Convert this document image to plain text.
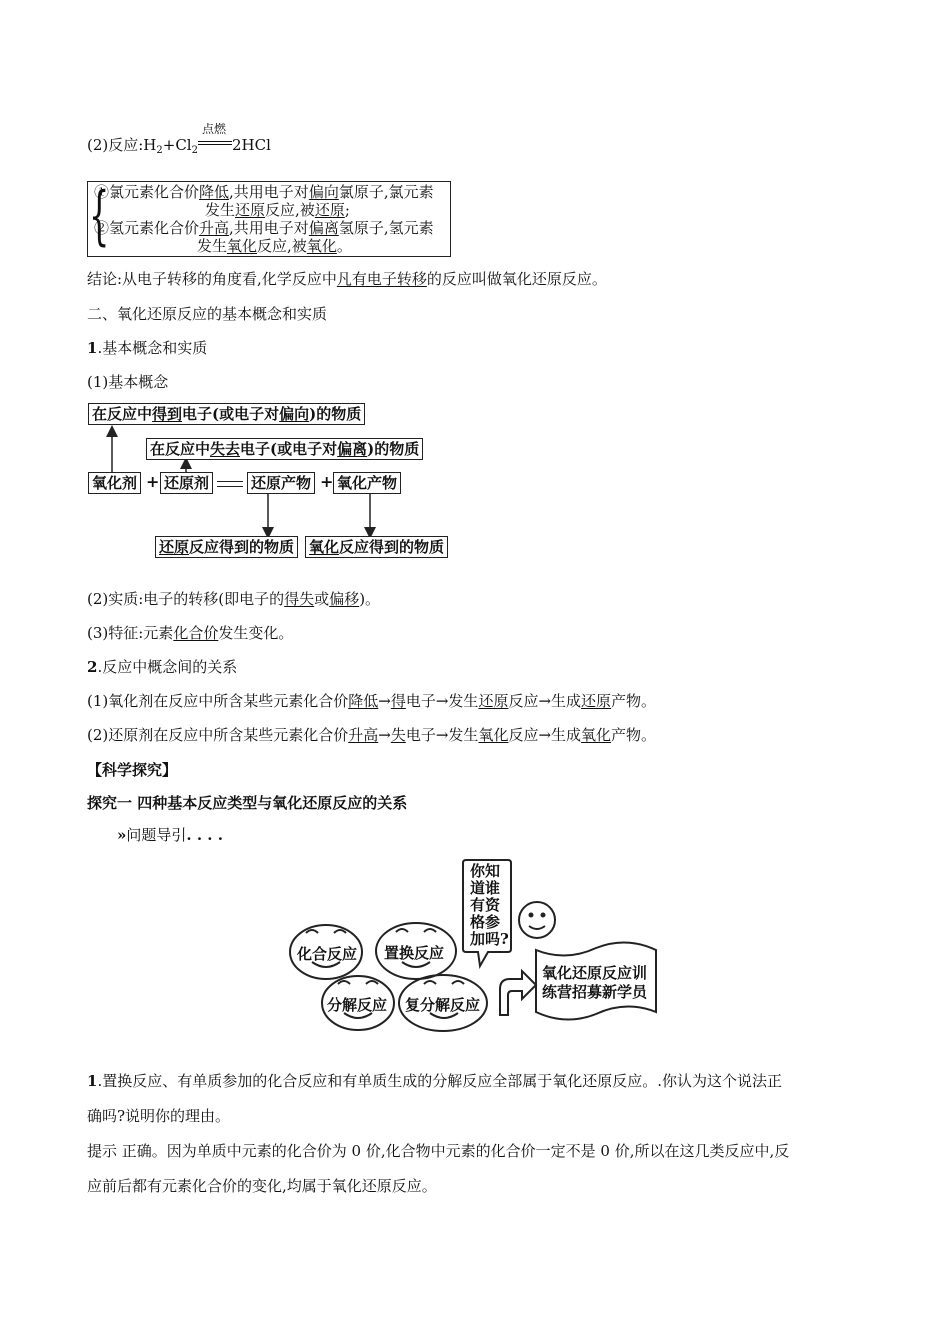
(2)反应$:H_2+Cl_2$
点燃
2HCl
{
①氯元素化合价降低,共用电子对偏向氯原子,氯元素
发生还原反应,被还原;
②氢元素化合价升高,共用电子对偏离氢原子,氢元素
发生氧化反应,被氧化。
结论:从电子转移的角度看,化学反应中凡有电子转移的反应叫做氧化还原反应。
二、氧化还原反应的基本概念和实质
1.基本概念和实质
(1)基本概念
在反应中得到电子(或电子对偏向)的物质
在反应中失去电子(或电子对偏离)的物质
氧化剂 + 还原剂	还原产物 + 氧化产物
还原反应得到的物质 氧化反应得到的物质
(2)实质:电子的转移(即电子的得失或偏移)。
(3)特征:元素化合价发生变化。
2.反应中概念间的关系
(1)氧化剂在反应中所含某些元素化合价降低→得电子→发生还原反应→生成还原产物。
(2)还原剂在反应中所含某些元素化合价升高→失电子→发生氧化反应→生成氧化产物。
【科学探究】
探究一 四种基本反应类型与氧化还原反应的关系
»问题导引. . . .
化合反应 置换反应
分解反应 复分解反应
你知
道谁
有资
格参
加吗?
氧化还原反应训
练营招募新学员
1.置换反应、有单质参加的化合反应和有单质生成的分解反应全部属于氧化还原反应。.你认为这个说法正
确吗?说明你的理由。
提示 正确。因为单质中元素的化合价为 0 价,化合物中元素的化合价一定不是 0 价,所以在这几类反应中,反
应前后都有元素化合价的变化,均属于氧化还原反应。
